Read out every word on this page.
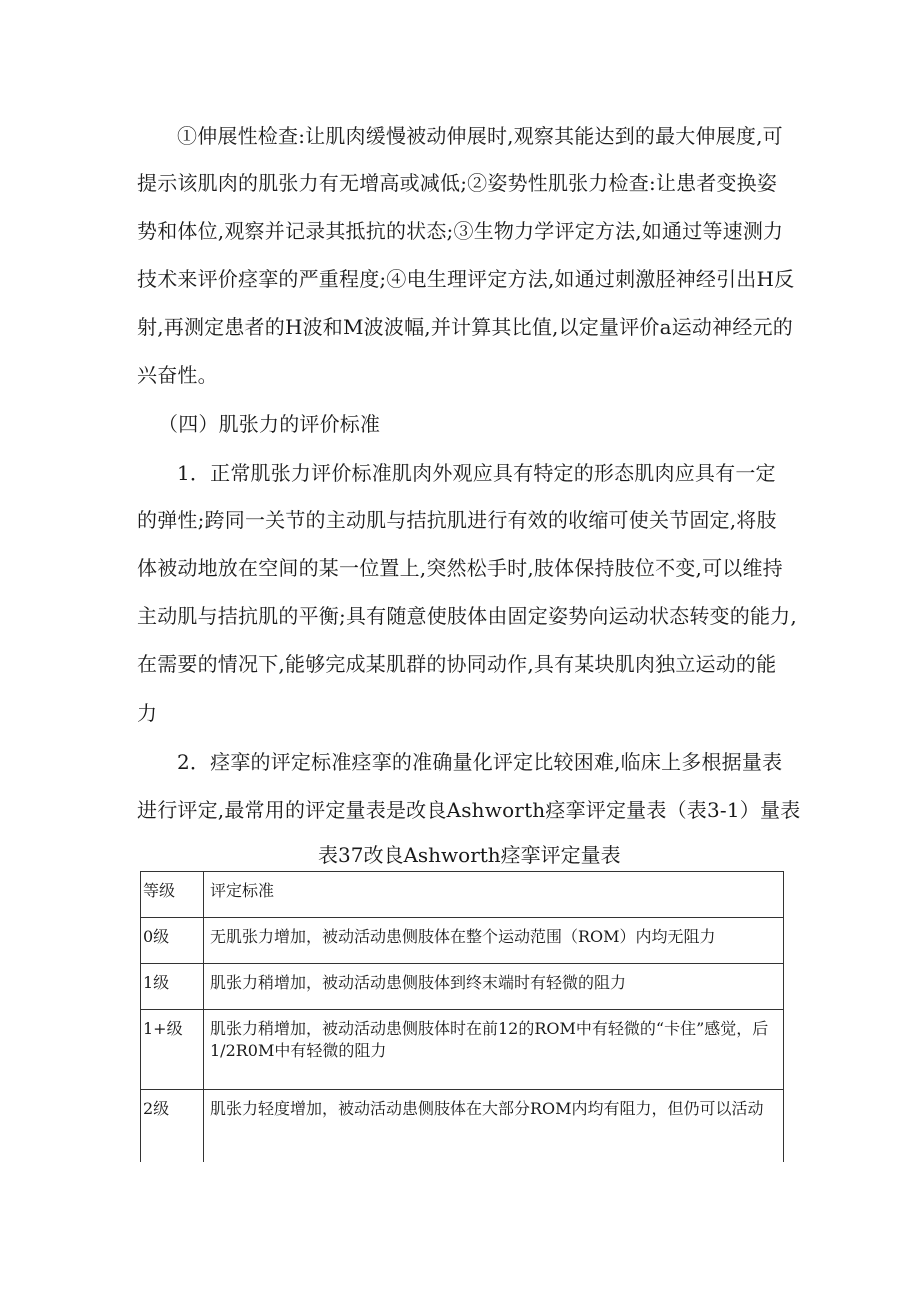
①伸展性检查:让肌肉缓慢被动伸展时,观察其能达到的最大伸展度,可
提示该肌肉的肌张力有无增高或减低;②姿势性肌张力检查:让患者变换姿
势和体位,观察并记录其抵抗的状态;③生物力学评定方法,如通过等速测力
技术来评价痉挛的严重程度;④电生理评定方法,如通过刺激胫神经引出H反
射,再测定患者的H波和M波波幅,并计算其比值,以定量评价a运动神经元的
兴奋性。
（四）肌张力的评价标准
1．正常肌张力评价标准肌肉外观应具有特定的形态肌肉应具有一定
的弹性;跨同一关节的主动肌与拮抗肌进行有效的收缩可使关节固定,将肢
体被动地放在空间的某一位置上,突然松手时,肢体保持肢位不变,可以维持
主动肌与拮抗肌的平衡;具有随意使肢体由固定姿势向运动状态转变的能力,
在需要的情况下,能够完成某肌群的协同动作,具有某块肌肉独立运动的能
力
2．痉挛的评定标准痉挛的准确量化评定比较困难,临床上多根据量表
进行评定,最常用的评定量表是改良Ashworth痉挛评定量表（表3-1）量表
表37改良Ashworth痉挛评定量表
等级	评定标准
0级	无肌张力增加，被动活动患侧肢体在整个运动范围（ROM）内均无阻力
1级	肌张力稍增加，被动活动患侧肢体到终末端时有轻微的阻力
1+级	肌张力稍增加，被动活动患侧肢体时在前12的ROM中有轻微的“卡住”感觉，后1/2R0M中有轻微的阻力
2级	肌张力轻度增加，被动活动患侧肢体在大部分ROM内均有阻力，但仍可以活动
